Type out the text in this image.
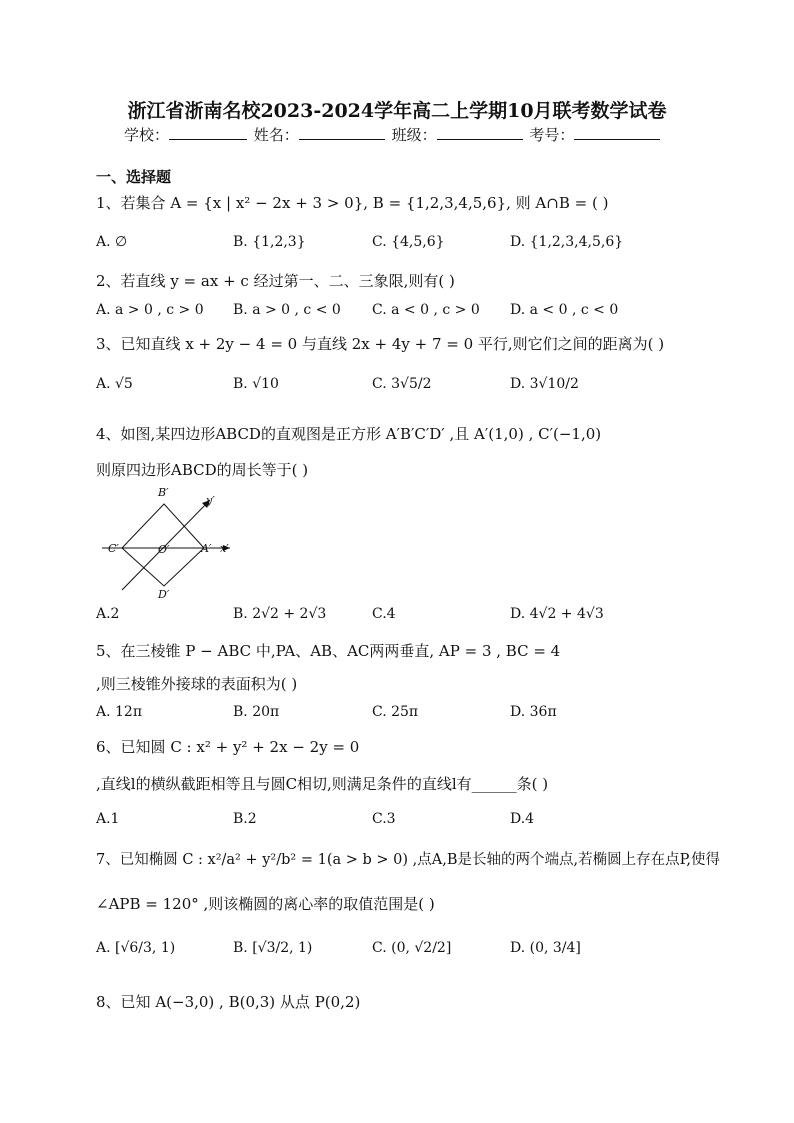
浙江省浙南名校2023-2024学年高二上学期10月联考数学试卷
学校：	姓名：	班级：	考号：
一、选择题
1、若集合 A = {x | x² − 2x + 3 > 0}, B = {1,2,3,4,5,6}, 则 A∩B = ( )
A. ∅	B. {1,2,3}	C. {4,5,6}	D. {1,2,3,4,5,6}
2、若直线 y = ax + c 经过第一、二、三象限,则有( )
A. a > 0 , c > 0 B. a > 0 , c < 0 C. a < 0 , c > 0 D. a < 0 , c < 0
3、已知直线 x + 2y − 4 = 0 与直线 2x + 4y + 7 = 0 平行,则它们之间的距离为( )
A. √5	B. √10	C. 3√5/2	D. 3√10/2
4、如图,某四边形ABCD的直观图是正方形 A′B′C′D′ ,且 A′(1,0) , C′(−1,0)
则原四边形ABCD的周长等于( )
B′
D′
C′	O′	A′ x′
y′
A.2	B. 2√2 + 2√3	C.4	D. 4√2 + 4√3
5、在三棱锥 P − ABC 中,PA、AB、AC两两垂直, AP = 3 , BC = 4
,则三棱锥外接球的表面积为( )
A. 12π	B. 20π	C. 25π	D. 36π
6、已知圆 C : x² + y² + 2x − 2y = 0
,直线l的横纵截距相等且与圆C相切,则满足条件的直线l有______条( )
A.1	B.2	C.3	D.4
7、已知椭圆 C : x²/a² + y²/b² = 1(a > b > 0) ,点A,B是长轴的两个端点,若椭圆上存在点P,使得
∠APB = 120° ,则该椭圆的离心率的取值范围是( )
A. [√6/3, 1)	B. [√3/2, 1)	C. (0, √2/2]	D. (0, 3/4]
8、已知 A(−3,0) , B(0,3) 从点 P(0,2)
